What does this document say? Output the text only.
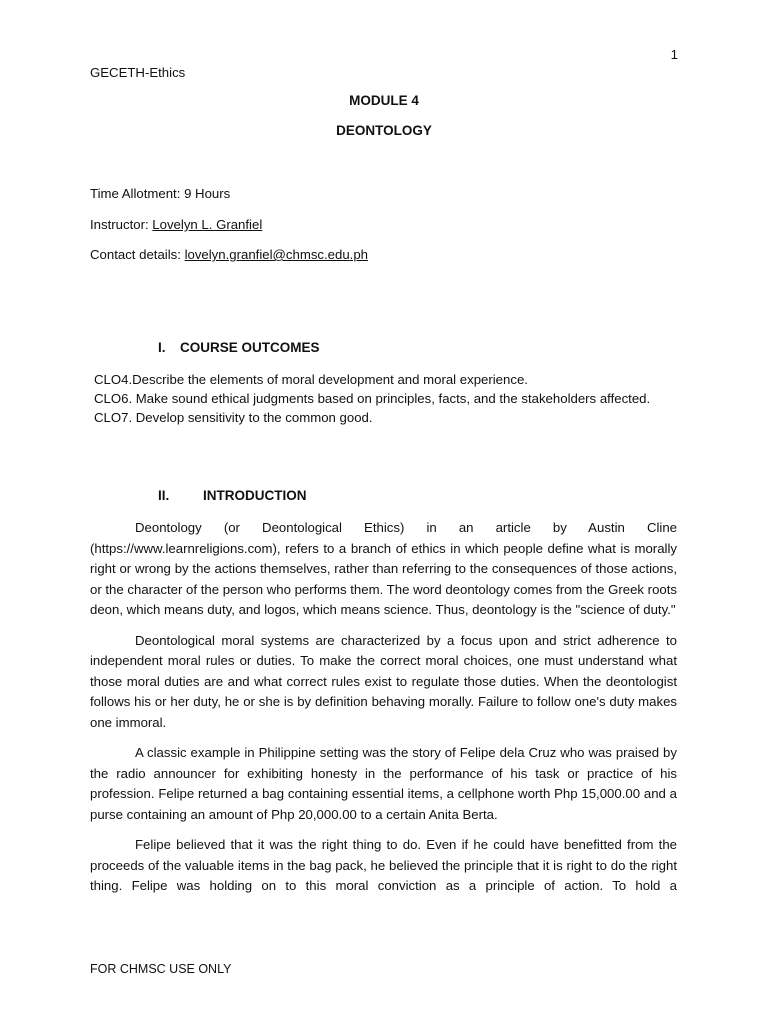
1
GECETH-Ethics
MODULE 4
DEONTOLOGY
Time Allotment: 9 Hours
Instructor: Lovelyn L. Granfiel
Contact details: lovelyn.granfiel@chmsc.edu.ph
I. COURSE OUTCOMES
CLO4.Describe the elements of moral development and moral experience.
CLO6. Make sound ethical judgments based on principles, facts, and the stakeholders affected.
CLO7. Develop sensitivity to the common good.
II. INTRODUCTION

Deontology (or Deontological Ethics) in an article by Austin Cline (https://www.learnreligions.com), refers to a branch of ethics in which people define what is morally right or wrong by the actions themselves, rather than referring to the consequences of those actions, or the character of the person who performs them. The word deontology comes from the Greek roots deon, which means duty, and logos, which means science. Thus, deontology is the "science of duty."

Deontological moral systems are characterized by a focus upon and strict adherence to independent moral rules or duties. To make the correct moral choices, one must understand what those moral duties are and what correct rules exist to regulate those duties. When the deontologist follows his or her duty, he or she is by definition behaving morally. Failure to follow one's duty makes one immoral.

A classic example in Philippine setting was the story of Felipe dela Cruz who was praised by the radio announcer for exhibiting honesty in the performance of his task or practice of his profession. Felipe returned a bag containing essential items, a cellphone worth Php 15,000.00 and a purse containing an amount of Php 20,000.00 to a certain Anita Berta.

Felipe believed that it was the right thing to do. Even if he could have benefitted from the proceeds of the valuable items in the bag pack, he believed the principle that it is right to do the right thing. Felipe was holding on to this moral conviction as a principle of action. To hold a

FOR CHMSC USE ONLY
